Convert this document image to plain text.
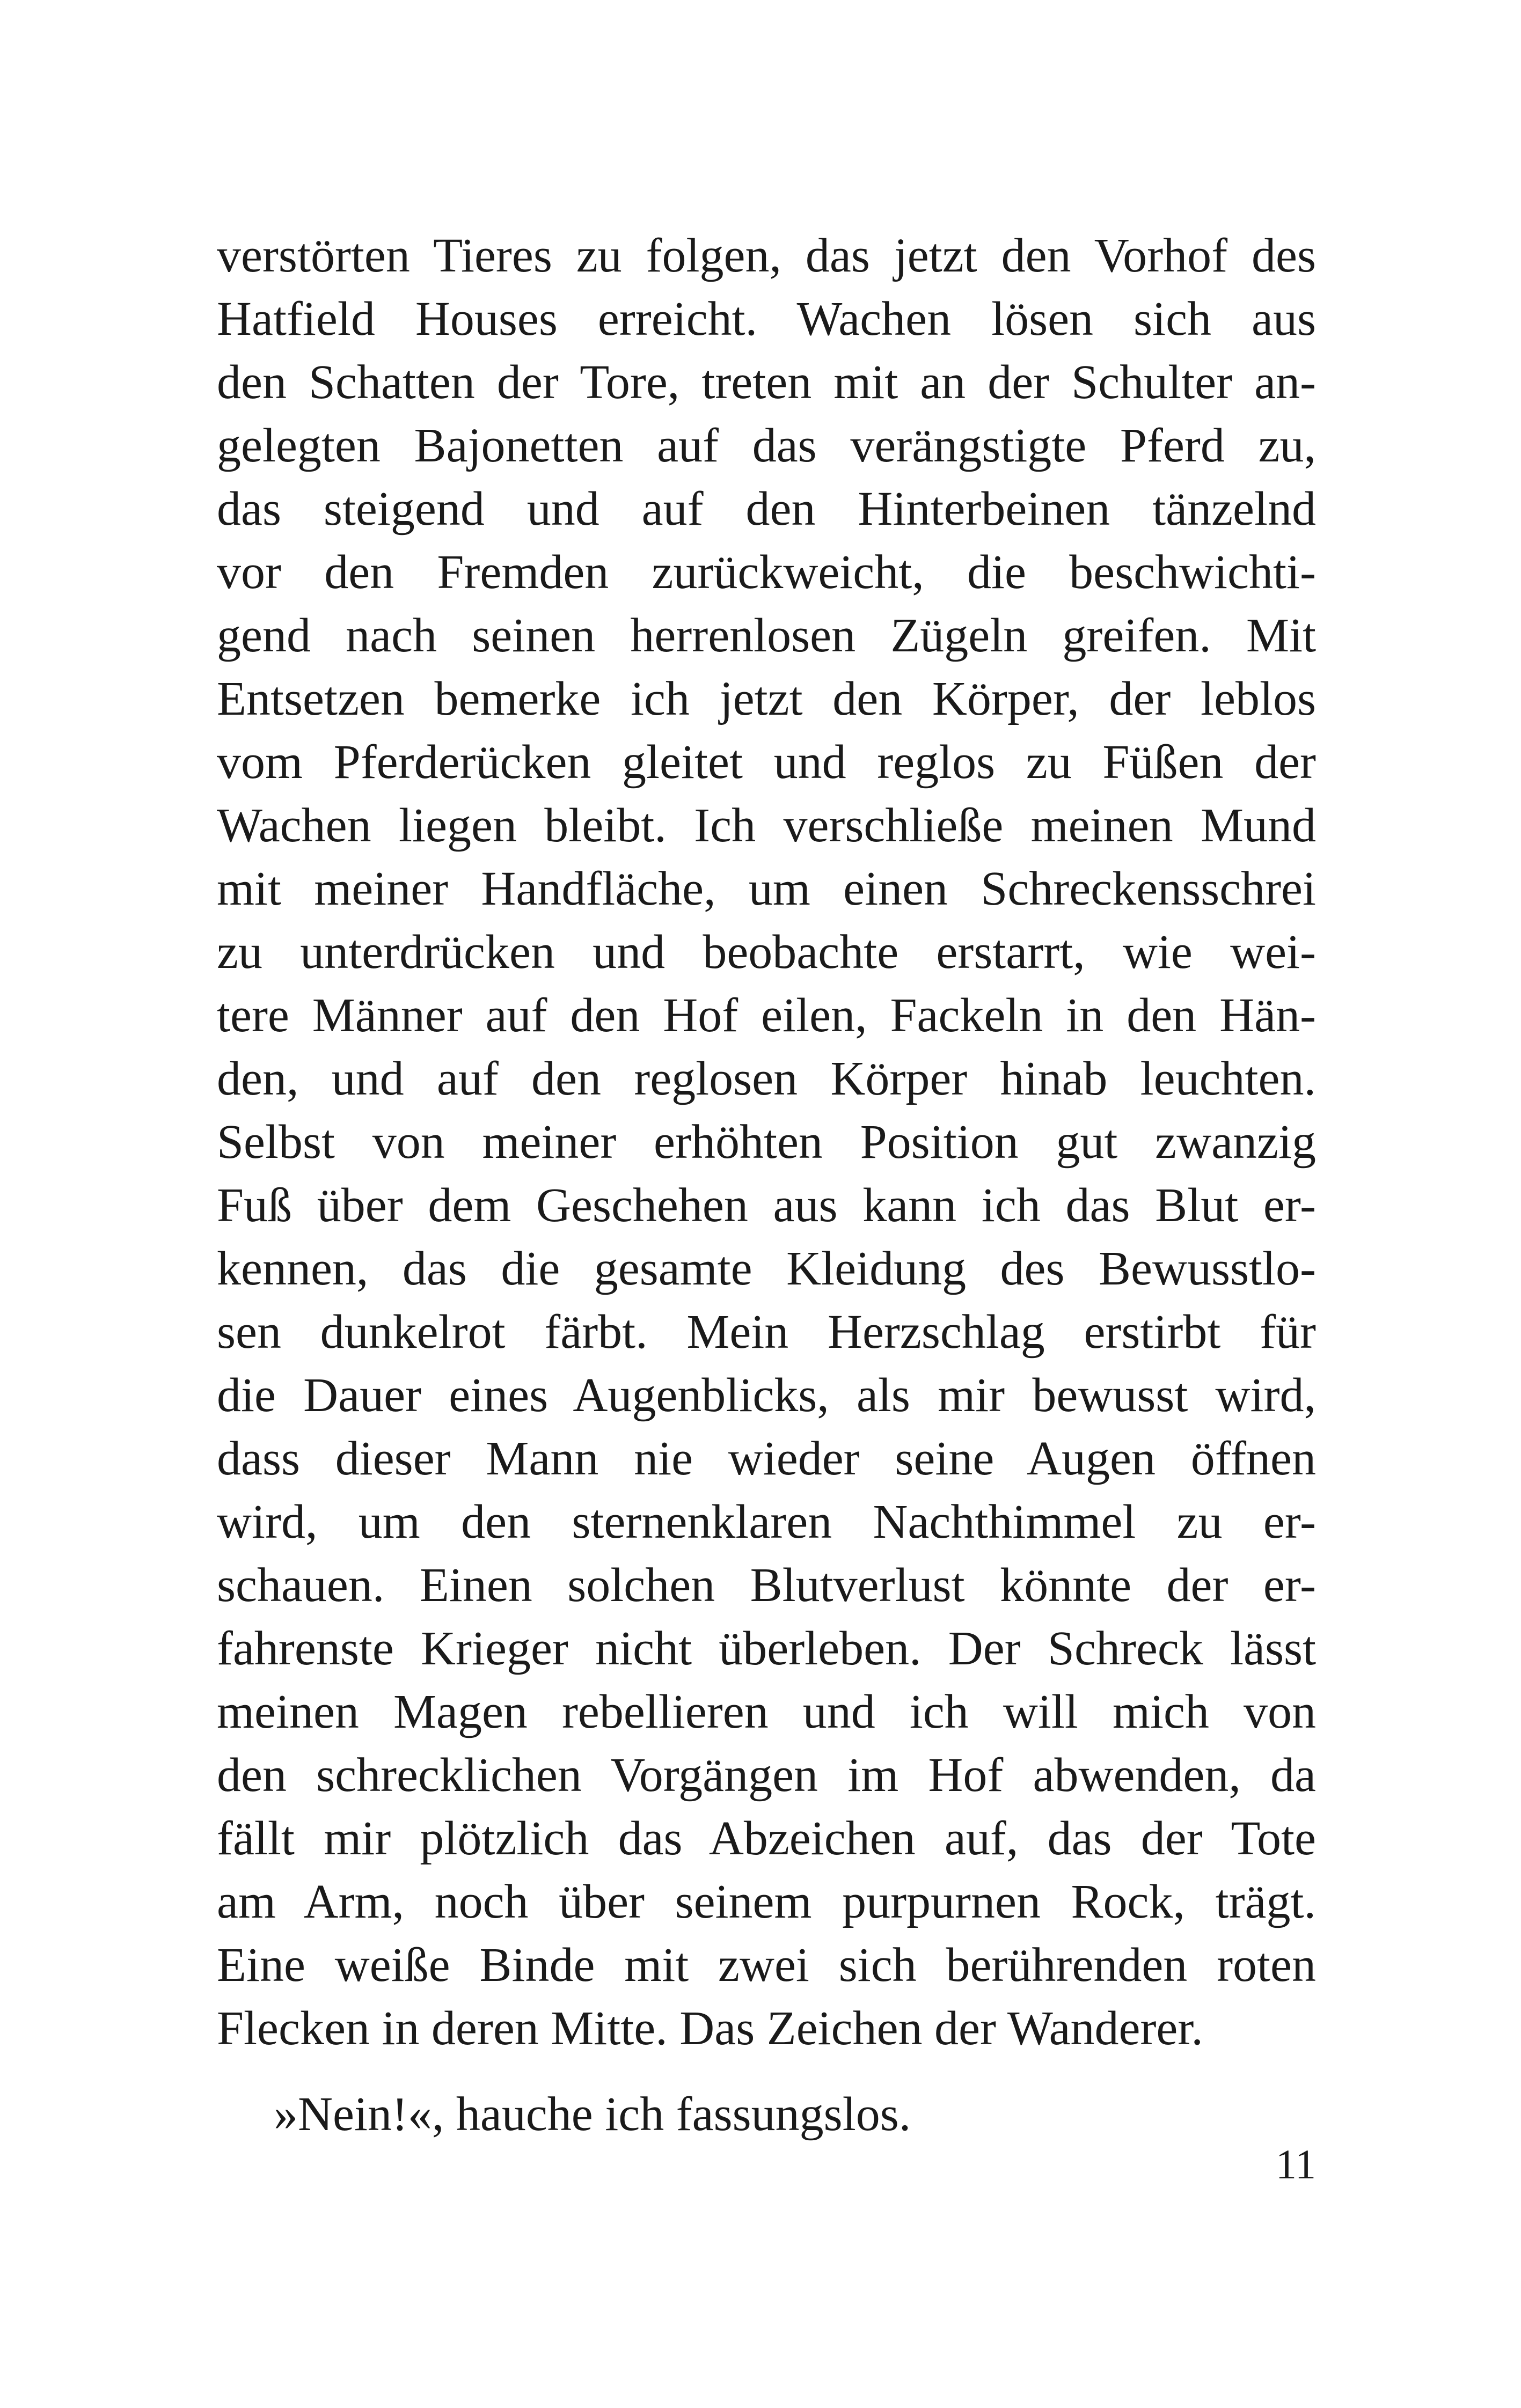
verstörten Tieres zu folgen, das jetzt den Vorhof des
Hatfield Houses erreicht. Wachen lösen sich aus
den Schatten der Tore, treten mit an der Schulter an-
gelegten Bajonetten auf das verängstigte Pferd zu,
das steigend und auf den Hinterbeinen tänzelnd
vor den Fremden zurückweicht, die beschwichti-
gend nach seinen herrenlosen Zügeln greifen. Mit
Entsetzen bemerke ich jetzt den Körper, der leblos
vom Pferderücken gleitet und reglos zu Füßen der
Wachen liegen bleibt. Ich verschließe meinen Mund
mit meiner Handfläche, um einen Schreckensschrei
zu unterdrücken und beobachte erstarrt, wie wei-
tere Männer auf den Hof eilen, Fackeln in den Hän-
den, und auf den reglosen Körper hinab leuchten.
Selbst von meiner erhöhten Position gut zwanzig
Fuß über dem Geschehen aus kann ich das Blut er-
kennen, das die gesamte Kleidung des Bewusstlo-
sen dunkelrot färbt. Mein Herzschlag erstirbt für
die Dauer eines Augenblicks, als mir bewusst wird,
dass dieser Mann nie wieder seine Augen öffnen
wird, um den sternenklaren Nachthimmel zu er-
schauen. Einen solchen Blutverlust könnte der er-
fahrenste Krieger nicht überleben. Der Schreck lässt
meinen Magen rebellieren und ich will mich von
den schrecklichen Vorgängen im Hof abwenden, da
fällt mir plötzlich das Abzeichen auf, das der Tote
am Arm, noch über seinem purpurnen Rock, trägt.
Eine weiße Binde mit zwei sich berührenden roten
Flecken in deren Mitte. Das Zeichen der Wanderer.
»Nein!«, hauche ich fassungslos.
11
